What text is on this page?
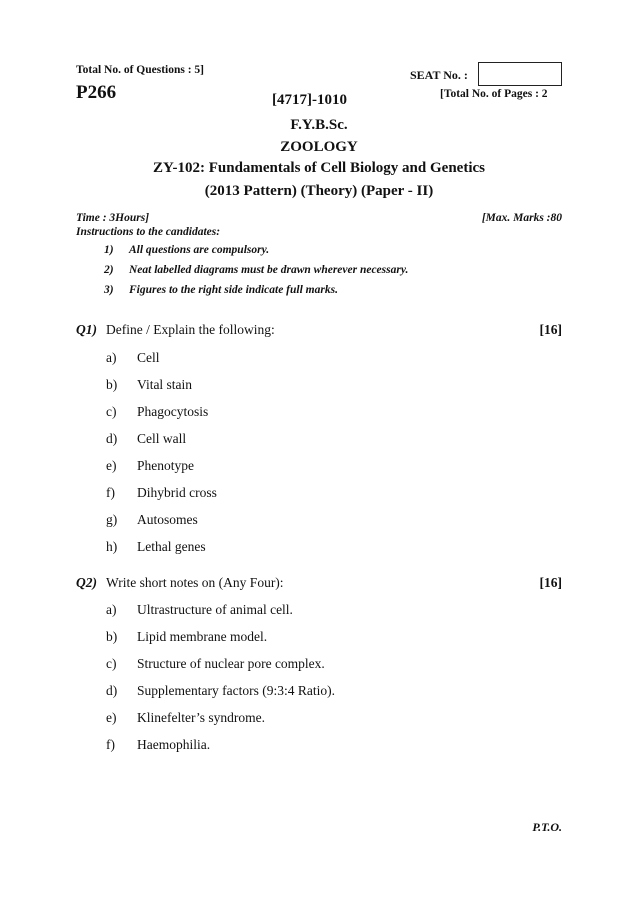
Total No. of Questions : 5]	SEAT No. :
P266	[4717]-1010	[Total No. of Pages : 2
F.Y.B.Sc.
ZOOLOGY
ZY-102: Fundamentals of Cell Biology and Genetics
(2013 Pattern) (Theory) (Paper - II)
Time : 3Hours]	[Max. Marks :80
Instructions to the candidates:
1) All questions are compulsory.
2) Neat labelled diagrams must be drawn wherever necessary.
3) Figures to the right side indicate full marks.
Q1) Define / Explain the following:	[16]
a) Cell
b) Vital stain
c) Phagocytosis
d) Cell wall
e) Phenotype
f) Dihybrid cross
g) Autosomes
h) Lethal genes
Q2) Write short notes on (Any Four):	[16]
a) Ultrastructure of animal cell.
b) Lipid membrane model.
c) Structure of nuclear pore complex.
d) Supplementary factors (9:3:4 Ratio).
e) Klinefelter’s syndrome.
f) Haemophilia.
P.T.O.
